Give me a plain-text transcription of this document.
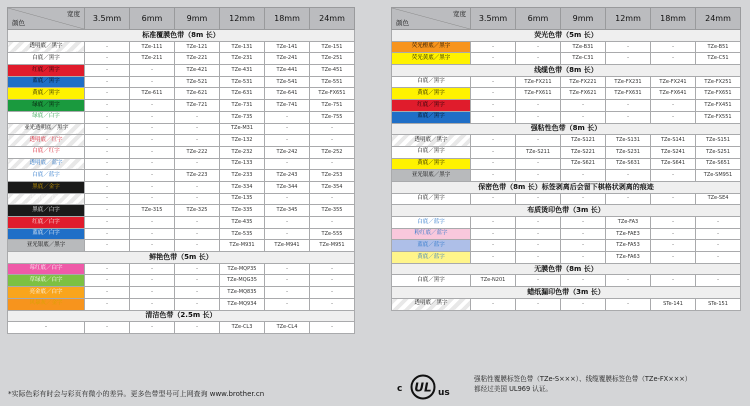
宽度
颜色	3.5mm	6mm	9mm	12mm	18mm	24mm
标准覆膜色带（8m 长）						
透明底／黑字	-	TZe-111	TZe-121	TZe-131	TZe-141	TZe-151
白底／黑字	-	TZe-211	TZe-221	TZe-231	TZe-241	TZe-251
红底／黑字	-	-	TZe-421	TZe-431	TZe-441	TZe-451
蓝底／黑字	-	-	TZe-521	TZe-531	TZe-541	TZe-551
黄底／黑字	-	TZe-611	TZe-621	TZe-631	TZe-641	TZe-FX651
绿底／黑字	-	-	TZe-721	TZe-731	TZe-741	TZe-751
绿底／白字	-	-	-	TZe-735	-	TZe-755
亚光透明底／黑字	-	-	-	TZe-M31	-	-
透明底／红字	-	-	-	TZe-132	-	-
白底／红字	-	-	TZe-222	TZe-232	TZe-242	TZe-252
透明底／蓝字	-	-	-	TZe-133	-	-
白底／蓝字	-	-	TZe-223	TZe-233	TZe-243	TZe-253
黑底／金字	-	-	-	TZe-334	TZe-344	TZe-354
透明底／白字	-	-	-	TZe-135	-	-
黑底／白字	-	TZe-315	TZe-325	TZe-335	TZe-345	TZe-355
红底／白字	-	-	-	TZe-435	-	-
蓝底／白字	-	-	-	TZe-535	-	TZe-555
亚光银底／黑字	-	-	-	TZe-M931	TZe-M941	TZe-M951
鲜艳色带（5m 长）						
莓红底／白字	-	-	-	TZe-MQP35	-	-
草绿底／白字	-	-	-	TZe-MQG35	-	-
亮金底／白字	-	-	-	TZe-MQ835	-	-
风暴灰／金字	-	-	-	TZe-MQ934	-	-
清洁色带（2.5m 长）						
-	-	-	-	TZe-CL3	TZe-CL4	-
宽度
颜色	3.5mm	6mm	9mm	12mm	18mm	24mm
荧光色带（5m 长）						
荧光橙底／黑字	-	-	TZe-B31	-	-	TZe-B51
荧光黄底／黑字	-	-	TZe-C31	-	-	TZe-C51
线缆色带（8m 长）						
白底／黑字	-	TZe-FX211	TZe-FX221	TZe-FX231	TZe-FX241	TZe-FX251
黄底／黑字	-	TZe-FX611	TZe-FX621	TZe-FX631	TZe-FX641	TZe-FX651
红底／黑字	-	-	-	-	-	TZe-FX451
蓝底／黑字	-	-	-	-	-	TZe-FX551
强粘性色带（8m 长）						
透明底／黑字	-	-	TZe-S121	TZe-S131	TZe-S141	TZe-S151
白底／黑字	-	TZe-S211	TZe-S221	TZe-S231	TZe-S241	TZe-S251
黄底／黑字	-	-	TZe-S621	TZe-S631	TZe-S641	TZe-S651
亚光银底／黑字	-	-	-	-	-	TZe-SM951
保密色带（8m 长）标签剥离后会留下棋格状剥离的痕迹						
白底／黑字	-	-	-	-	-	TZe-SE4
布质烫印色带（3m 长）						
白底／蓝字	-	-	-	TZe-FA3	-	-
粉红底／蓝字	-	-	-	TZe-FAE3	-	-
蓝底／蓝字	-	-	-	TZe-FA53	-	-
黄底／蓝字	-	-	-	TZe-FA63	-	-
无膜色带（8m 长）						
白底／黑字	TZe-N201	-	-	-	-	-
蜡纸漏印色带（3m 长）						
透明底／黑字	-	-	-	-	STe-141	STe-151
*实际色彩有时会与彩页有微小的差异。更多色带型号可上网查询 www.brother.cn	c UL us
强粘性覆膜标签色带（TZe-S×××）、线缆覆膜标签色带（TZe-FX×××）
都经过美国 UL969 认证。
